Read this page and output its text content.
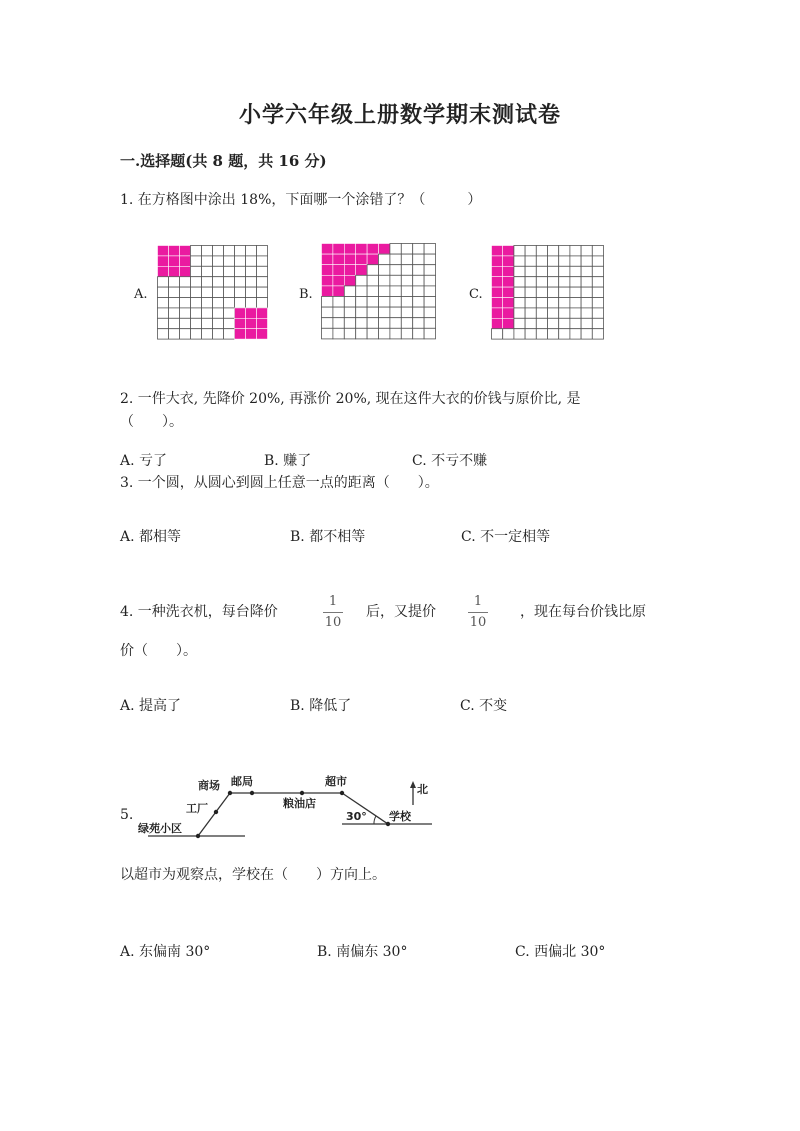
小学六年级上册数学期末测试卷
一.选择题(共 8 题，共 16 分)
1. 在方格图中涂出 18%，下面哪一个涂错了？（　　　）
A.	B.	C.
2. 一件大衣, 先降价 20%, 再涨价 20%, 现在这件大衣的价钱与原价比, 是
（　　）。
A. 亏了	B. 赚了	C. 不亏不赚
3. 一个圆，从圆心到圆上任意一点的距离（　　）。
A. 都相等	B. 都不相等	C. 不一定相等
4. 一种洗衣机，每台降价
1
10
后，又提价
1
10
，现在每台价钱比原
价（　　）。
A. 提高了	B. 降低了	C. 不变
5.
商场 邮局	超市
北
工厂	粮油店
30° 学校
绿苑小区
以超市为观察点，学校在（　　）方向上。
A. 东偏南 30°	B. 南偏东 30°	C. 西偏北 30°
